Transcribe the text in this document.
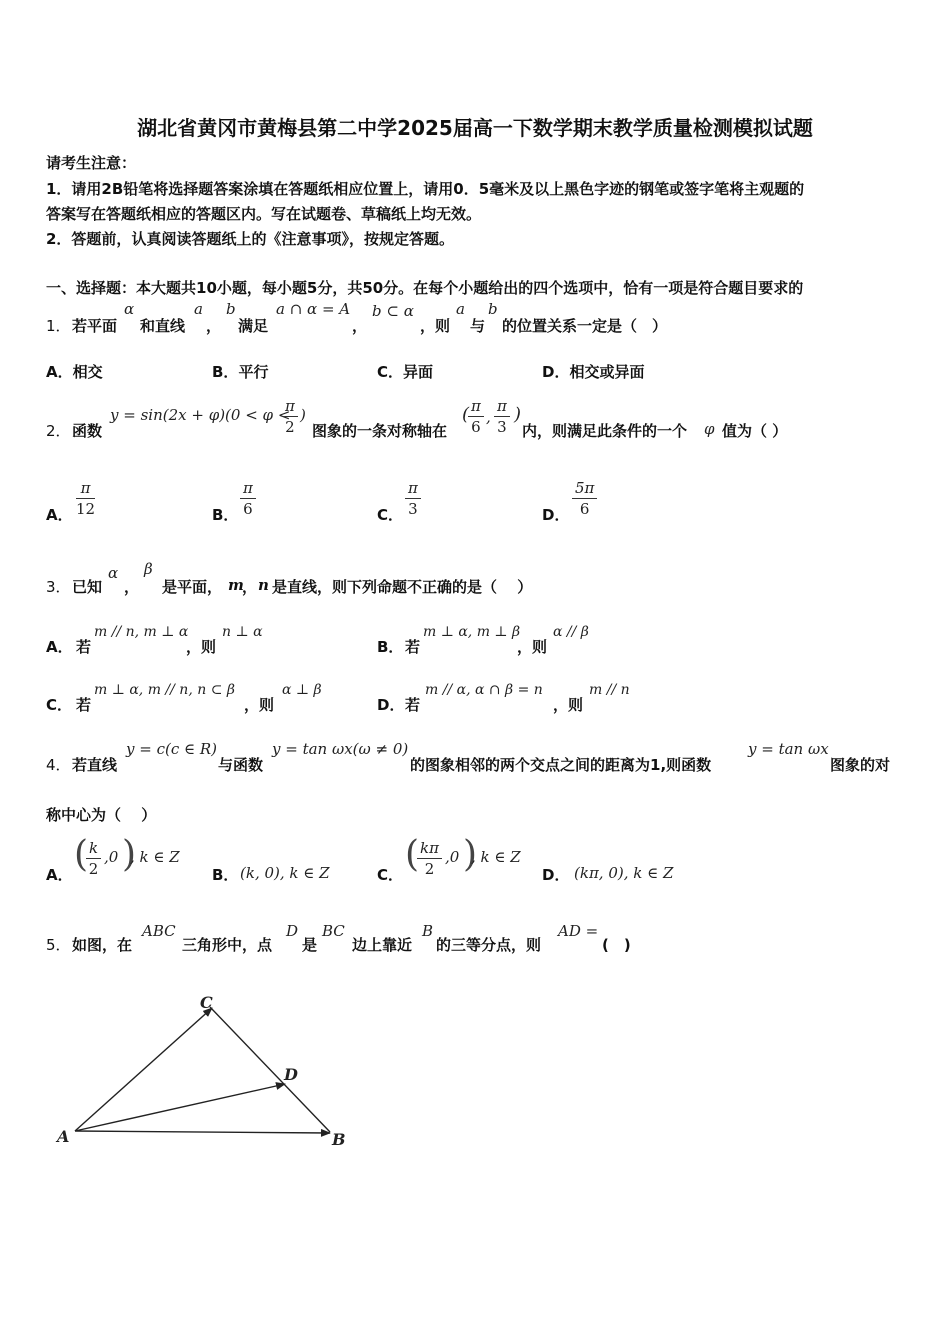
湖北省黄冈市黄梅县第二中学2025届高一下数学期末教学质量检测模拟试题
请考生注意：
1．请用2B铅笔将选择题答案涂填在答题纸相应位置上，请用0．5毫米及以上黑色字迹的钢笔或签字笔将主观题的
答案写在答题纸相应的答题区内。写在试题卷、草稿纸上均无效。
2．答题前，认真阅读答题纸上的《注意事项》，按规定答题。
一、选择题：本大题共10小题，每小题5分，共50分。在每个小题给出的四个选项中，恰有一项是符合题目要求的
1． 若平面
α
和直线
a
，
b
满足
a ∩ α = A
，
b ⊂ α
，则
a
与
b
的位置关系一定是（　）
A．相交	B．平行	C．异面	D．相交或异面
2． 函数
y = sin(2x + φ)(0 < φ <
$\frac{\pi}{2}$ )
图象的一条对称轴在
(
$\frac{\pi}{6}$ , $\frac{\pi}{3}$ )
内，则满足此条件的一个 φ 值为（ ）
A． $\frac{\pi}{12}$	B． $\frac{\pi}{6}$	C． $\frac{\pi}{3}$	D． $\frac{5\pi}{6}$
3． 已知
α
，
β
是平面， m
， n 是直线，则下列命题不正确的是（　 ）
A． 若
m // n, m ⊥ α
，则
n ⊥ α
B． 若
m ⊥ α, m ⊥ β
，则
α // β
C． 若
m ⊥ α, m // n, n ⊂ β
，则
α ⊥ β
D． 若
m // α, α ∩ β = n
，则
m // n
4． 若直线
y = c(c ∈ R)
与函数
y = tan ωx(ω ≠ 0)
的图象相邻的两个交点之间的距离为1,则函数
y = tan ωx
图象的对
称中心为（　 ）
A． (
$\frac{k}{2} ,0$ )
, k ∈ Z
B． (k, 0), k ∈ Z	C． (
$\frac{k\pi}{2} ,0$ )
, k ∈ Z
D． (kπ, 0), k ∈ Z
5． 如图，在
ABC
三角形中，点
D
是
BC
边上靠近
B
的三等分点，则
AD =
(　)
C
D
A	B
